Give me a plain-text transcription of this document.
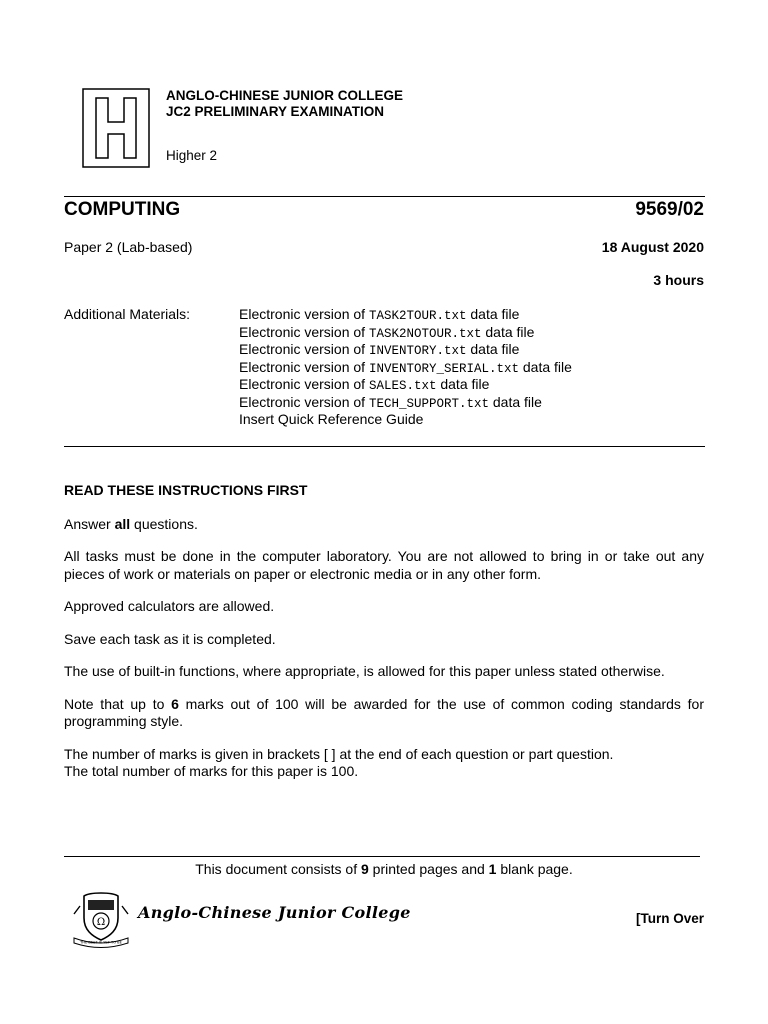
ANGLO-CHINESE JUNIOR COLLEGE
JC2 PRELIMINARY EXAMINATION
Higher 2
COMPUTING	9569/02
Paper 2 (Lab-based)	18 August 2020
3 hours
Additional Materials:	Electronic version of TASK2TOUR.txt data file
Electronic version of TASK2NOTOUR.txt data file
Electronic version of INVENTORY.txt data file
Electronic version of INVENTORY_SERIAL.txt data file
Electronic version of SALES.txt data file
Electronic version of TECH_SUPPORT.txt data file
Insert Quick Reference Guide
READ THESE INSTRUCTIONS FIRST

Answer all questions.

All tasks must be done in the computer laboratory. You are not allowed to bring in or take out any pieces of work or materials on paper or electronic media or in any other form.

Approved calculators are allowed.

Save each task as it is completed.

The use of built-in functions, where appropriate, is allowed for this paper unless stated otherwise.

Note that up to 6 marks out of 100 will be awarded for the use of common coding standards for programming style.

The number of marks is given in brackets [ ] at the end of each question or part question.
The total number of marks for this paper is 100.

This document consists of 9 printed pages and 1 blank page.
Ω
THE BEST IS YET TO BE
Anglo-Chinese Junior College	[Turn Over
